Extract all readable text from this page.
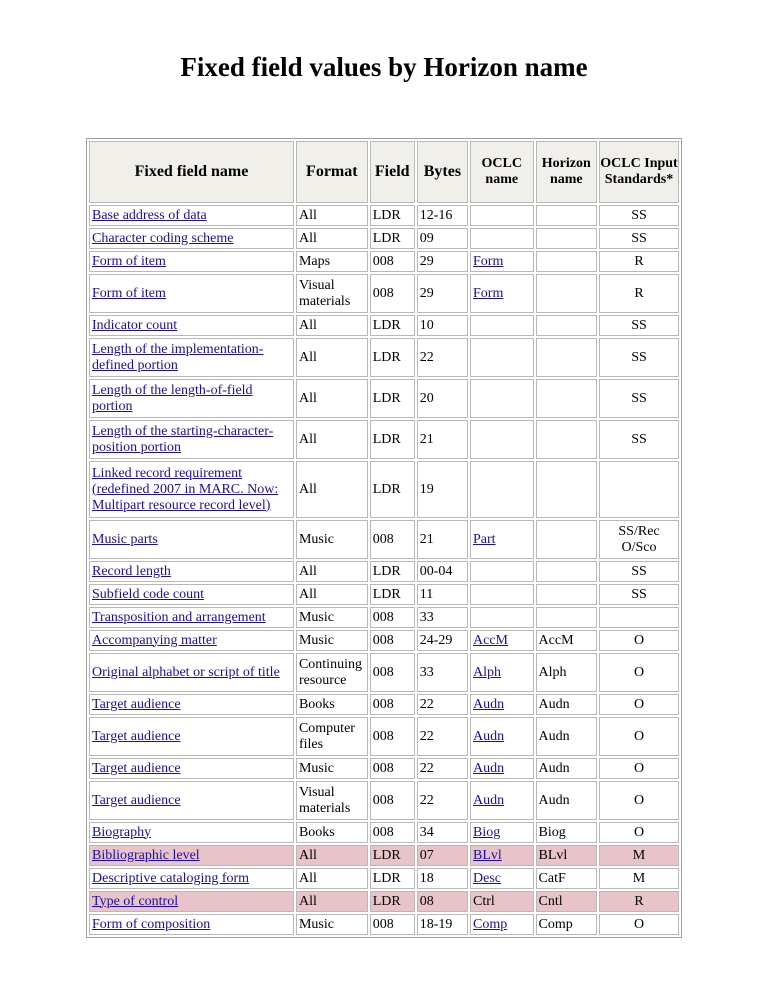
Fixed field values by Horizon name
Fixed field name	Format	Field	Bytes	OCLC name	Horizon name	OCLC Input Standards*
Base address of data	All	LDR	12-16			SS
Character coding scheme	All	LDR	09			SS
Form of item	Maps	008	29	Form		R
Form of item	Visual materials	008	29	Form		R
Indicator count	All	LDR	10			SS
Length of the implementation-defined portion	All	LDR	22			SS
Length of the length-of-field portion	All	LDR	20			SS
Length of the starting-character-position portion	All	LDR	21			SS
Linked record requirement (redefined 2007 in MARC. Now: Multipart resource record level)	All	LDR	19			
Music parts	Music	008	21	Part		SS/Rec O/Sco
Record length	All	LDR	00-04			SS
Subfield code count	All	LDR	11			SS
Transposition and arrangement	Music	008	33			
Accompanying matter	Music	008	24-29	AccM	AccM	O
Original alphabet or script of title	Continuing resource	008	33	Alph	Alph	O
Target audience	Books	008	22	Audn	Audn	O
Target audience	Computer files	008	22	Audn	Audn	O
Target audience	Music	008	22	Audn	Audn	O
Target audience	Visual materials	008	22	Audn	Audn	O
Biography	Books	008	34	Biog	Biog	O
Bibliographic level	All	LDR	07	BLvl	BLvl	M
Descriptive cataloging form	All	LDR	18	Desc	CatF	M
Type of control	All	LDR	08	Ctrl	Cntl	R
Form of composition	Music	008	18-19	Comp	Comp	O
